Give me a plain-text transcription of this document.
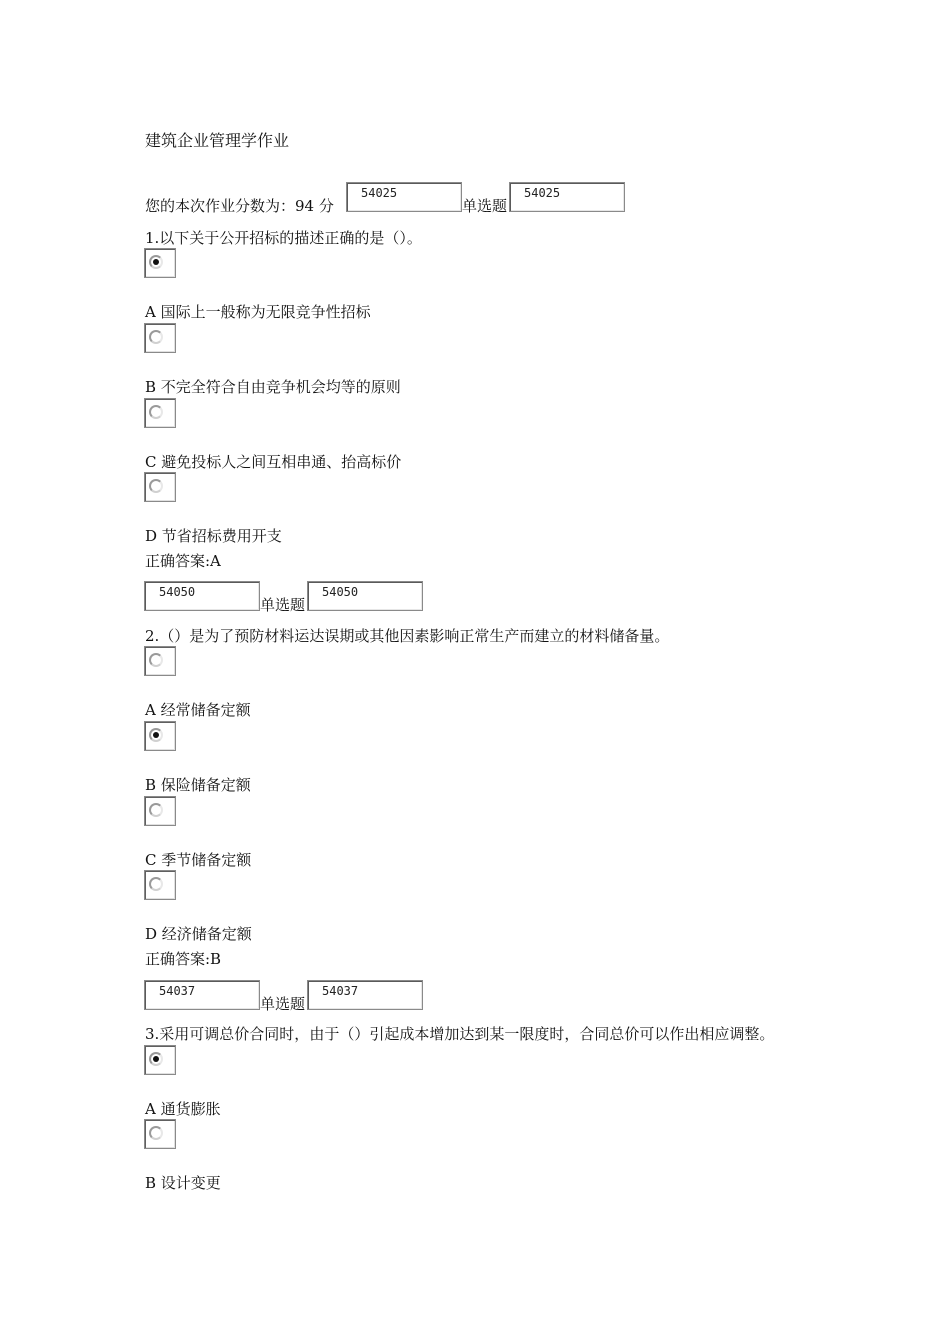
建筑企业管理学作业
您的本次作业分数为：94 分
54025
单选题
54025
1.以下关于公开招标的描述正确的是（）。
A 国际上一般称为无限竞争性招标
B 不完全符合自由竞争机会均等的原则
C 避免投标人之间互相串通、抬高标价
D 节省招标费用开支
正确答案:A
54050
单选题
54050
2.（）是为了预防材料运达误期或其他因素影响正常生产而建立的材料储备量。
A 经常储备定额
B 保险储备定额
C 季节储备定额
D 经济储备定额
正确答案:B
54037
单选题
54037
3.采用可调总价合同时，由于（）引起成本增加达到某一限度时，合同总价可以作出相应调整。
A 通货膨胀
B 设计变更
